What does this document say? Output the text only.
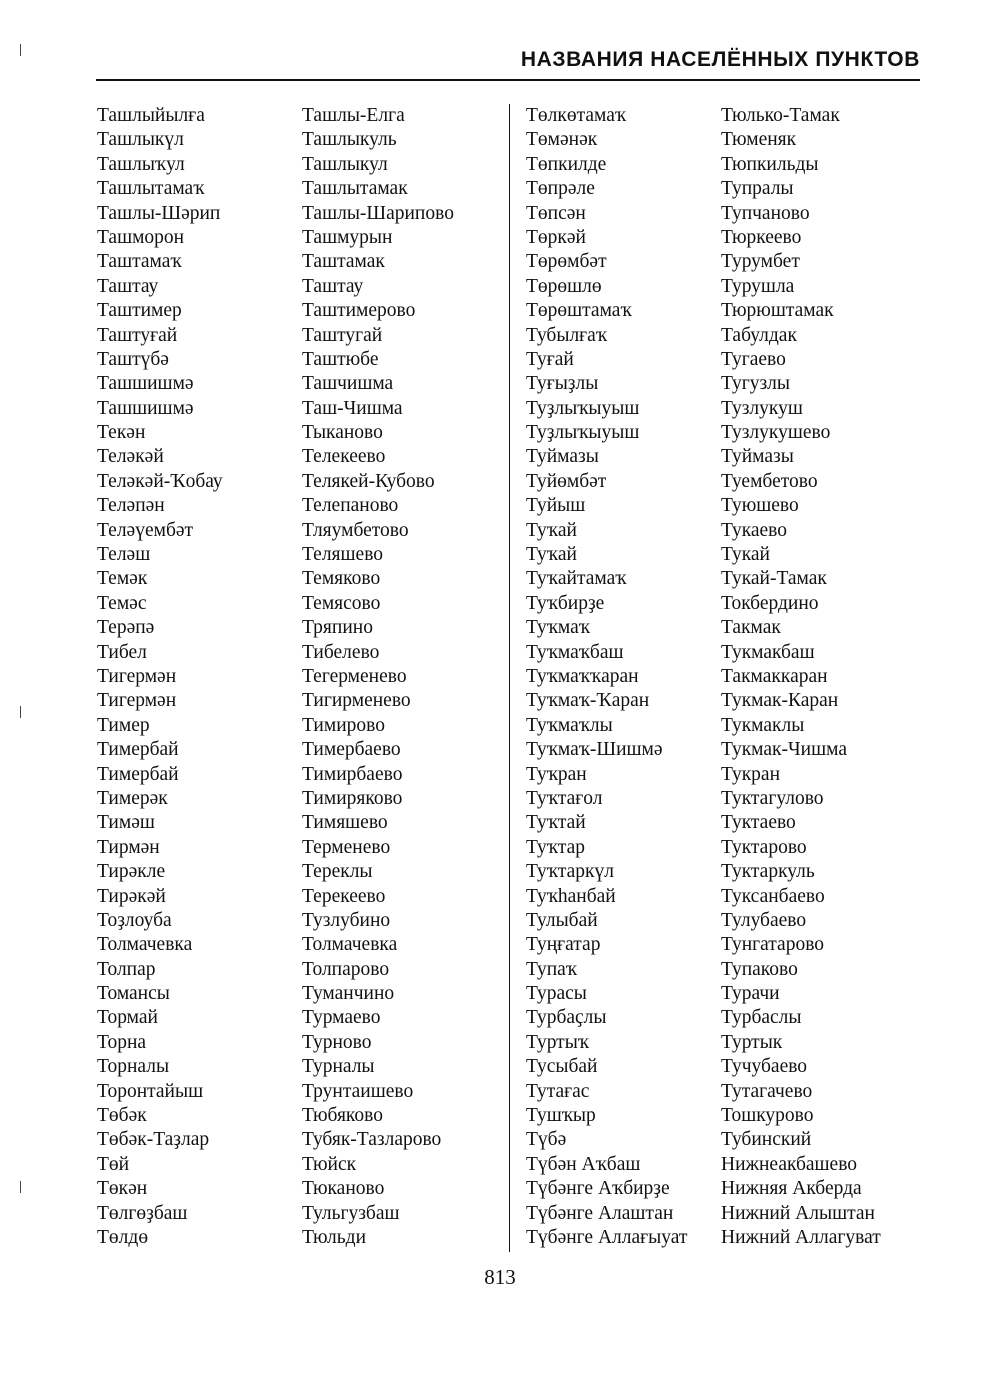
НАЗВАНИЯ НАСЕЛЁННЫХ ПУНКТОВ
Ташлыйылға
Ташлыкүл
Ташлыҡул
Ташлытамаҡ
Ташлы-Шәрип
Ташморон
Таштамаҡ
Таштау
Таштимер
Таштуғай
Таштүбә
Ташшишмә
Ташшишмә
Текән
Теләкәй
Теләкәй-Ҡобау
Теләпән
Теләүембәт
Теләш
Темәк
Темәс
Терәпә
Тибел
Тигермән
Тигермән
Тимер
Тимербай
Тимербай
Тимерәк
Тимәш
Тирмән
Тирәкле
Тирәкәй
Тоҙлоуба
Толмачевка
Толпар
Томансы
Тормай
Торна
Торналы
Торонтайыш
Төбәк
Төбәк-Таҙлар
Төй
Төкән
Төлгөҙбаш
Төлдө
Ташлы-Елга
Ташлыкуль
Ташлыкул
Ташлытамак
Ташлы-Шарипово
Ташмурын
Таштамак
Таштау
Таштимерово
Таштугай
Таштюбе
Ташчишма
Таш-Чишма
Тыканово
Телекеево
Телякей-Кубово
Телепаново
Тляумбетово
Теляшево
Темяково
Темясово
Тряпино
Тибелево
Тегерменево
Тигирменево
Тимирово
Тимербаево
Тимирбаево
Тимиряково
Тимяшево
Терменево
Тереклы
Терекеево
Тузлубино
Толмачевка
Толпарово
Туманчино
Турмаево
Турново
Турналы
Трунтаишево
Тюбяково
Тубяк-Тазларово
Тюйск
Тюканово
Тульгузбаш
Тюльди
Төлкөтамаҡ
Төмәнәк
Төпкилде
Төпрәле
Төпсән
Төркәй
Төрөмбәт
Төрөшлө
Төрөштамаҡ
Тубылғаҡ
Туғай
Туғыҙлы
Туҙлыҡыуыш
Туҙлыҡыуыш
Туймазы
Туйөмбәт
Туйыш
Туҡай
Туҡай
Туҡайтамаҡ
Туҡбирҙе
Туҡмаҡ
Туҡмаҡбаш
Туҡмаҡҡаран
Туҡмаҡ-Ҡаран
Туҡмаҡлы
Туҡмаҡ-Шишмә
Туҡран
Туҡтағол
Туҡтай
Туҡтар
Туҡтаркүл
Туҡһанбай
Тулыбай
Туңғатар
Тупаҡ
Турасы
Турбаҫлы
Туртыҡ
Тусыбай
Тутағас
Тушҡыр
Түбә
Түбән Аҡбаш
Түбәнге Аҡбирҙе
Түбәнге Алаштан
Түбәнге Аллағыуат
Тюлько-Тамак
Тюменяк
Тюпкильды
Тупралы
Тупчаново
Тюркеево
Турумбет
Турушла
Тюрюштамак
Табулдак
Тугаево
Тугузлы
Тузлукуш
Тузлукушево
Туймазы
Туембетово
Туюшево
Тукаево
Тукай
Тукай-Тамак
Токбердино
Такмак
Тукмакбаш
Такмаккаран
Тукмак-Каран
Тукмаклы
Тукмак-Чишма
Тукран
Туктагулово
Туктаево
Туктарово
Туктаркуль
Туксанбаево
Тулубаево
Тунгатарово
Тупаково
Турачи
Турбаслы
Туртык
Тучубаево
Тутагачево
Тошкурово
Тубинский
Нижнеакбашево
Нижняя Акберда
Нижний Алыштан
Нижний Аллагуват
813
